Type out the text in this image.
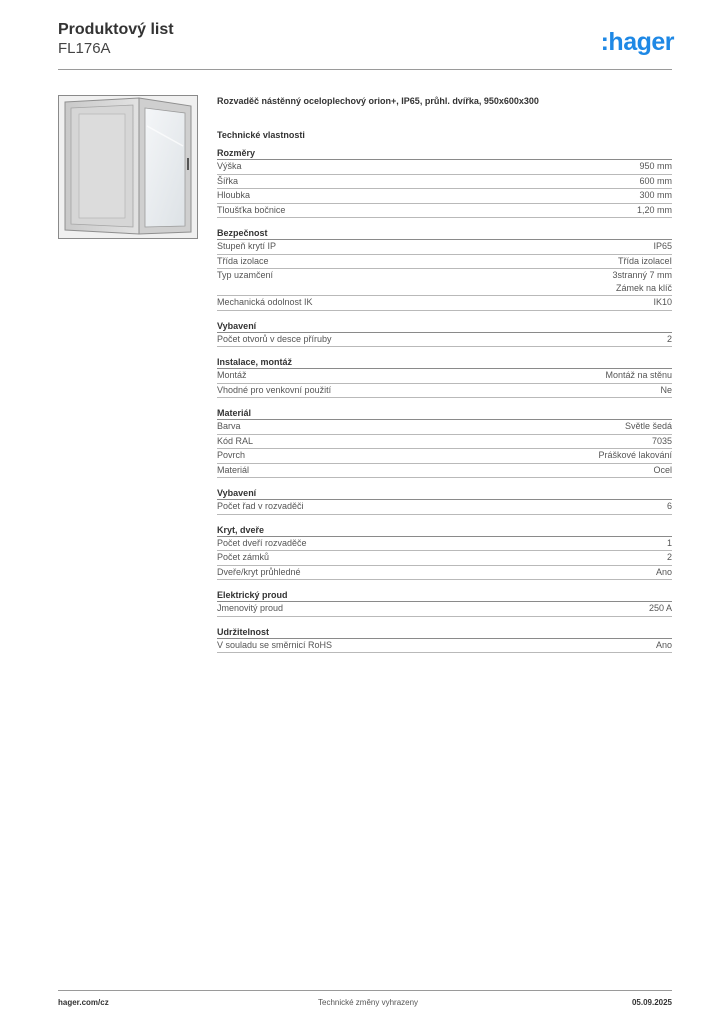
Produktový list
FL176A	:hager
Rozvaděč nástěnný oceloplechový orion+, IP65, průhl. dvířka, 950x600x300
Technické vlastnosti
Rozměry
Výška	950 mm
Šířka	600 mm
Hloubka	300 mm
Tloušťka bočnice	1,20 mm
Bezpečnost
Stupeň krytí IP	IP65
Třída izolace	Třída izolaceI
Typ uzamčení	3stranný 7 mm
Zámek na klíč
Mechanická odolnost IK	IK10
Vybavení
Počet otvorů v desce příruby	2
Instalace, montáž
Montáž	Montáž na stěnu
Vhodné pro venkovní použití	Ne
Materiál
Barva	Světle šedá
Kód RAL	7035
Povrch	Práškové lakování
Materiál	Ocel
Vybavení
Počet řad v rozvaděči	6
Kryt, dveře
Počet dveří rozvaděče	1
Počet zámků	2
Dveře/kryt průhledné	Ano
Elektrický proud
Jmenovitý proud	250 A
Udržitelnost
V souladu se směrnicí RoHS	Ano
hager.com/cz	Technické změny vyhrazeny	05.09.2025
